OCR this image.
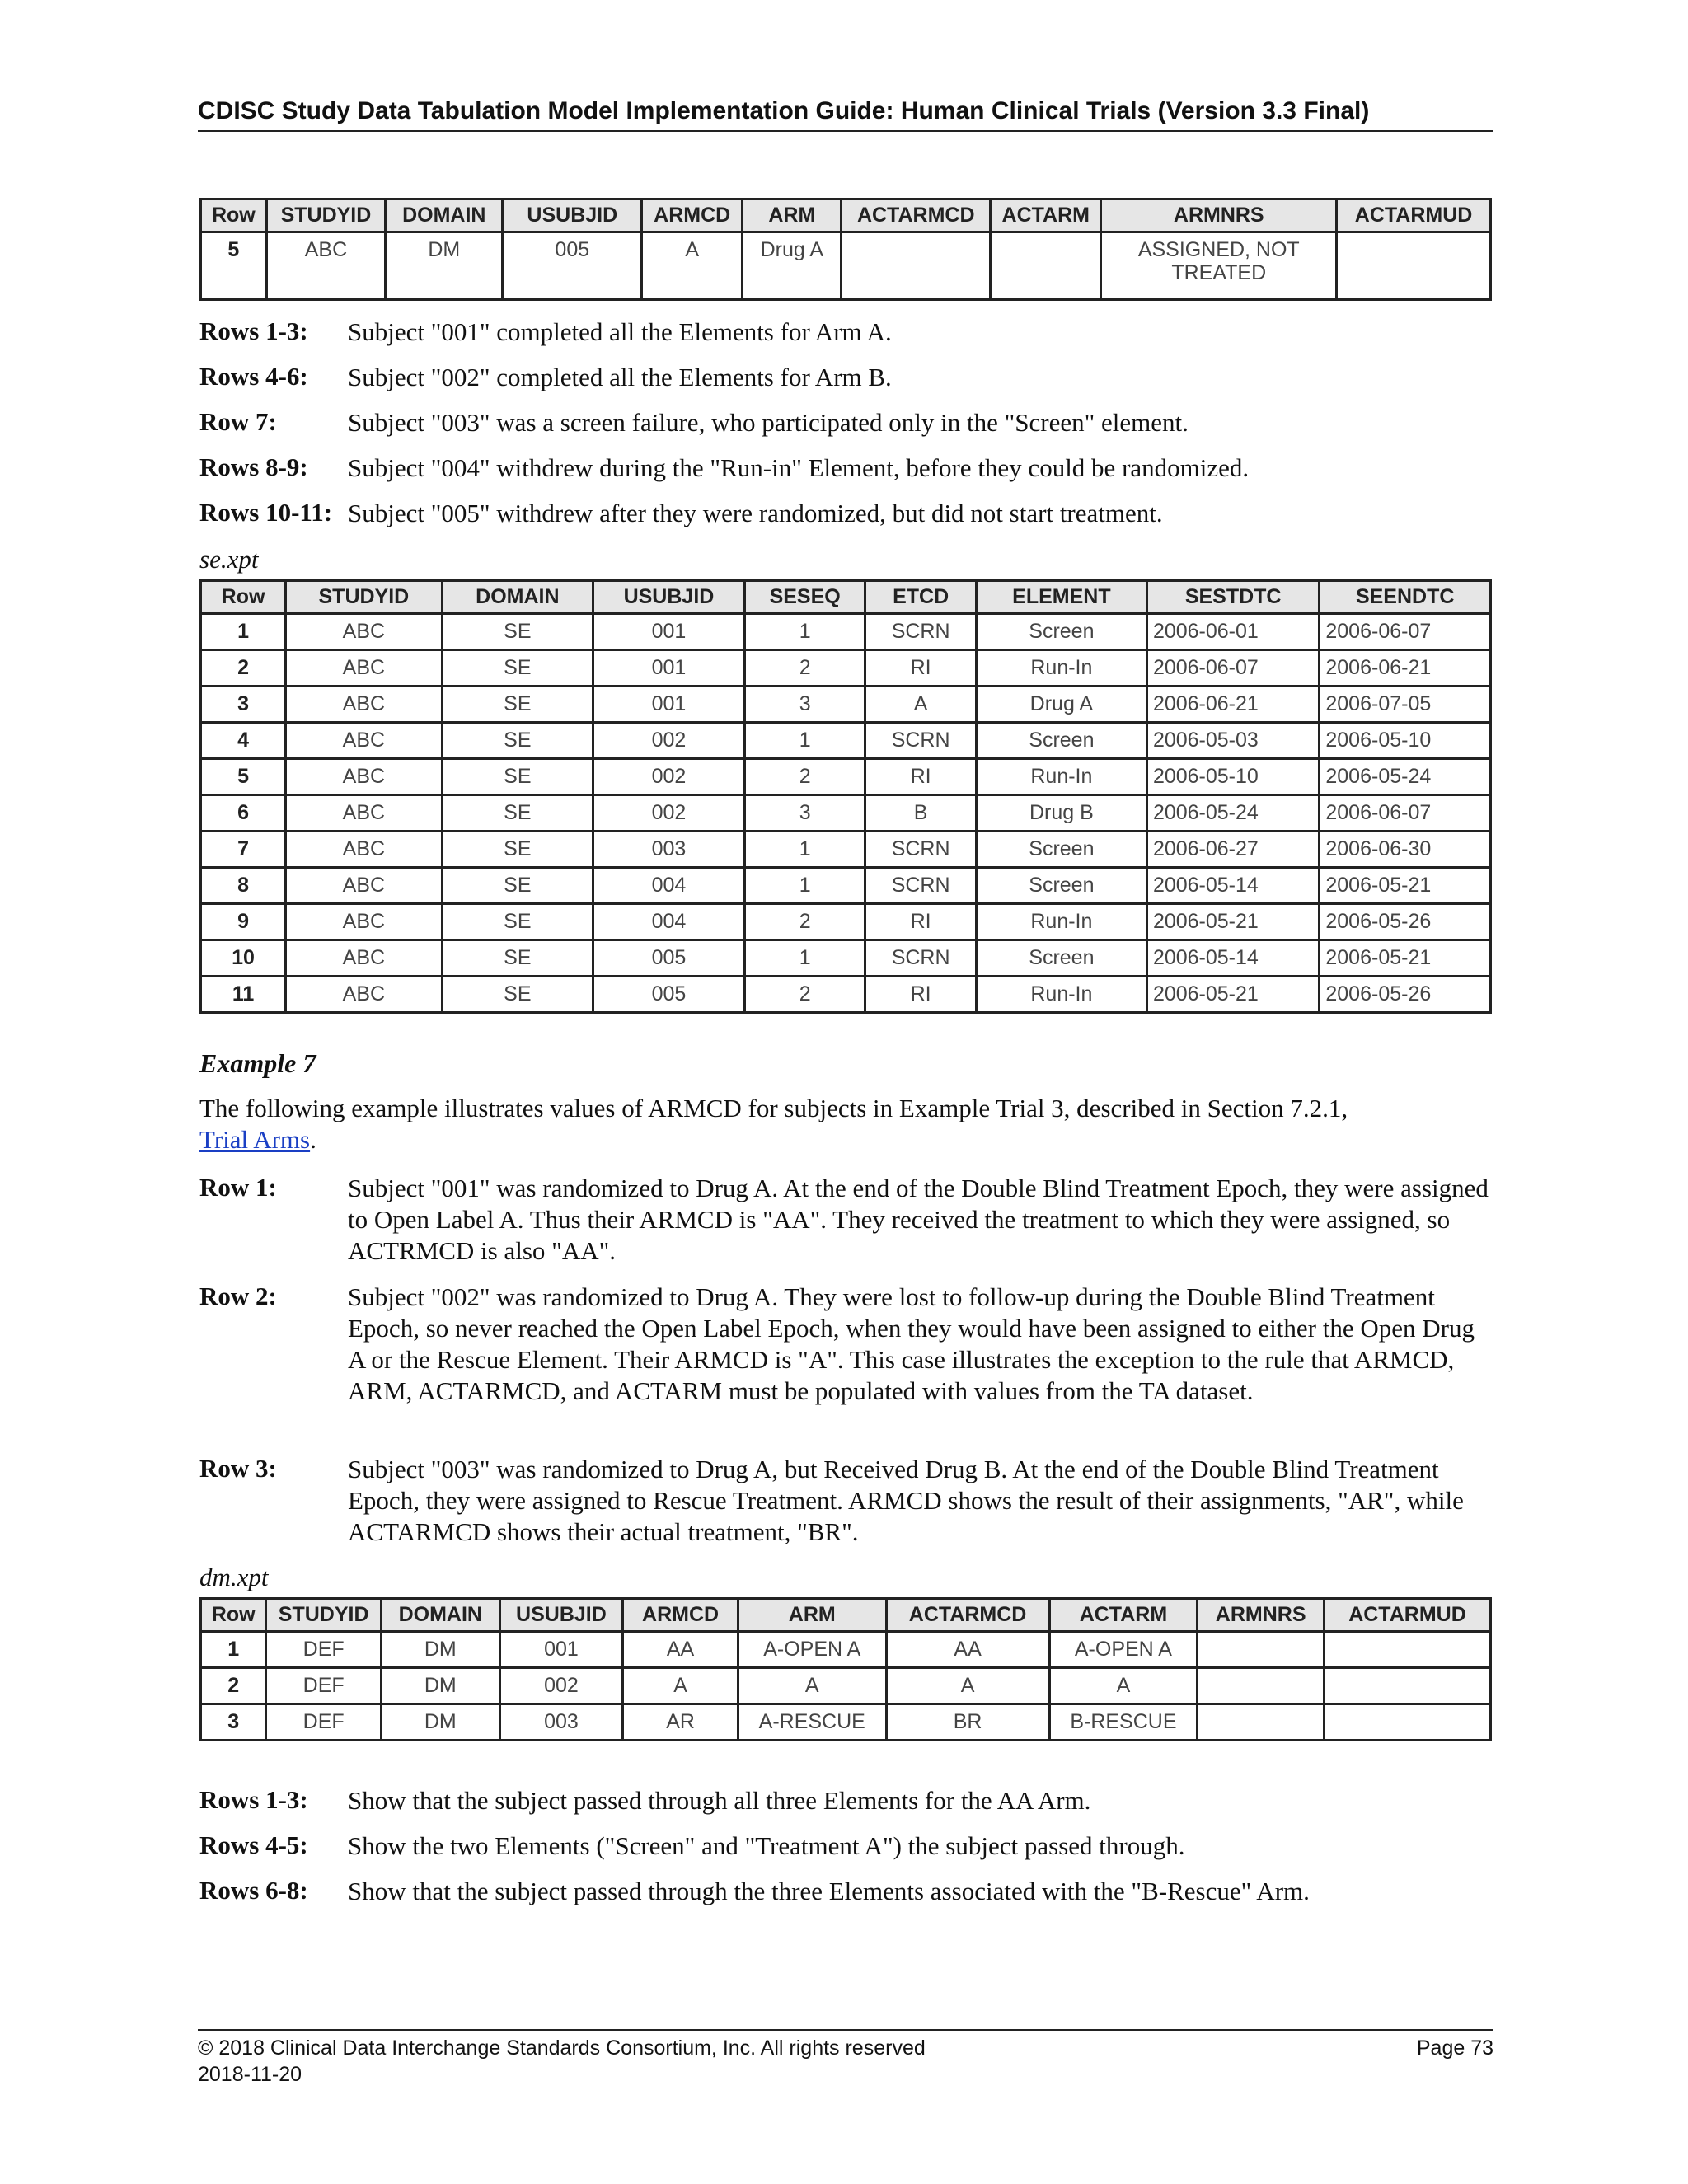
CDISC Study Data Tabulation Model Implementation Guide: Human Clinical Trials (Version 3.3 Final)
Row	STUDYID	DOMAIN	USUBJID	ARMCD	ARM	ACTARMCD	ACTARM	ARMNRS	ACTARMUD
5	ABC	DM	005	A	Drug A			ASSIGNED, NOT TREATED	
Rows 1-3: Subject "001" completed all the Elements for Arm A.
Rows 4-6: Subject "002" completed all the Elements for Arm B.
Row 7:	Subject "003" was a screen failure, who participated only in the "Screen" element.
Rows 8-9: Subject "004" withdrew during the "Run-in" Element, before they could be randomized.
Rows 10-11: Subject "005" withdrew after they were randomized, but did not start treatment.
se.xpt
Row	STUDYID	DOMAIN	USUBJID	SESEQ	ETCD	ELEMENT	SESTDTC	SEENDTC
1	ABC	SE	001	1	SCRN	Screen	2006-06-01	2006-06-07
2	ABC	SE	001	2	RI	Run-In	2006-06-07	2006-06-21
3	ABC	SE	001	3	A	Drug A	2006-06-21	2006-07-05
4	ABC	SE	002	1	SCRN	Screen	2006-05-03	2006-05-10
5	ABC	SE	002	2	RI	Run-In	2006-05-10	2006-05-24
6	ABC	SE	002	3	B	Drug B	2006-05-24	2006-06-07
7	ABC	SE	003	1	SCRN	Screen	2006-06-27	2006-06-30
8	ABC	SE	004	1	SCRN	Screen	2006-05-14	2006-05-21
9	ABC	SE	004	2	RI	Run-In	2006-05-21	2006-05-26
10	ABC	SE	005	1	SCRN	Screen	2006-05-14	2006-05-21
11	ABC	SE	005	2	RI	Run-In	2006-05-21	2006-05-26
Example 7
The following example illustrates values of ARMCD for subjects in Example Trial 3, described in Section 7.2.1,
Trial Arms.
Row 1:	Subject "001" was randomized to Drug A. At the end of the Double Blind Treatment Epoch, they were assigned to Open Label A. Thus their ARMCD is "AA". They received the treatment to which they were assigned, so ACTRMCD is also "AA".
Row 2:	Subject "002" was randomized to Drug A. They were lost to follow-up during the Double Blind Treatment Epoch, so never reached the Open Label Epoch, when they would have been assigned to either the Open Drug A or the Rescue Element. Their ARMCD is "A". This case illustrates the exception to the rule that ARMCD, ARM, ACTARMCD, and ACTARM must be populated with values from the TA dataset.
Row 3:	Subject "003" was randomized to Drug A, but Received Drug B. At the end of the Double Blind Treatment Epoch, they were assigned to Rescue Treatment. ARMCD shows the result of their assignments, "AR", while ACTARMCD shows their actual treatment, "BR".
dm.xpt
Row	STUDYID	DOMAIN	USUBJID	ARMCD	ARM	ACTARMCD	ACTARM	ARMNRS	ACTARMUD
1	DEF	DM	001	AA	A-OPEN A	AA	A-OPEN A		
2	DEF	DM	002	A	A	A	A		
3	DEF	DM	003	AR	A-RESCUE	BR	B-RESCUE		
Rows 1-3: Show that the subject passed through all three Elements for the AA Arm.
Rows 4-5: Show the two Elements ("Screen" and "Treatment A") the subject passed through.
Rows 6-8: Show that the subject passed through the three Elements associated with the "B-Rescue" Arm.
© 2018 Clinical Data Interchange Standards Consortium, Inc. All rights reserved
2018-11-20
Page 73
